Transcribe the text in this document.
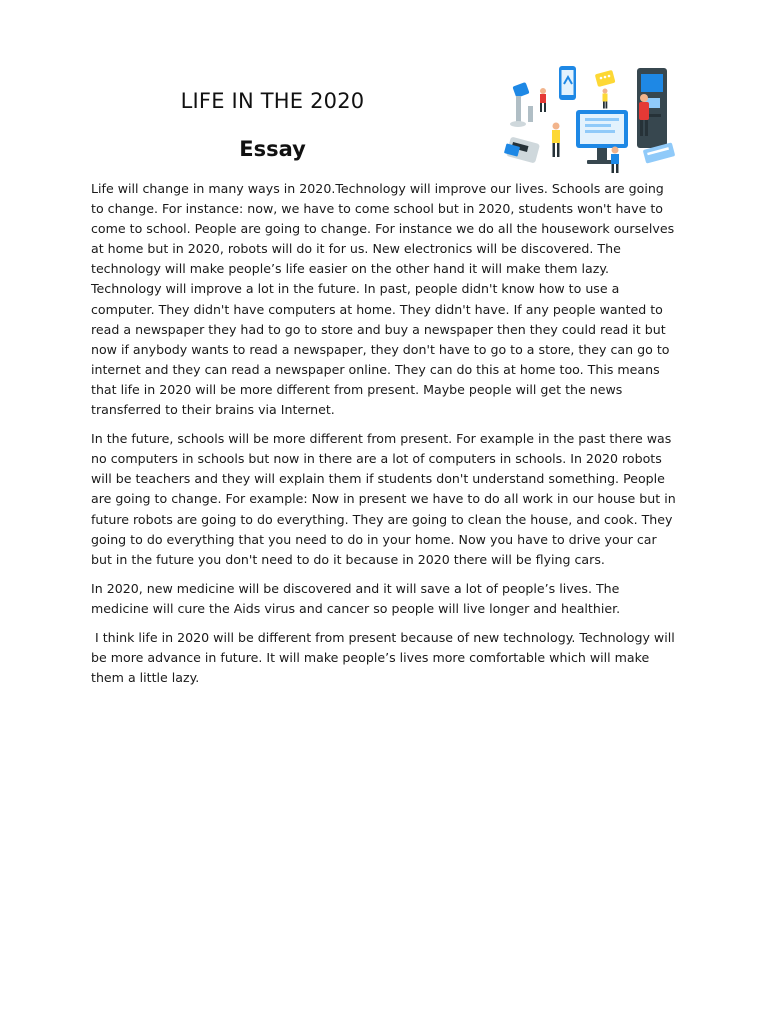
LIFE IN THE 2020
Essay

Life will change in many ways in 2020.Technology will improve our lives. Schools are going to change. For instance: now, we have to come school but in 2020, students won't have to come to school. People are going to change. For instance we do all the housework ourselves at home but in 2020, robots will do it for us. New electronics will be discovered. The technology will make people’s life easier on the other hand it will make them lazy. Technology will improve a lot in the future. In past, people didn't know how to use a computer. They didn't have computers at home. They didn't have. If any people wanted to read a newspaper they had to go to store and buy a newspaper then they could read it but now if anybody wants to read a newspaper, they don't have to go to a store, they can go to internet and they can read a newspaper online. They can do this at home too. This means that life in 2020 will be more different from present. Maybe people will get the news transferred to their brains via Internet.

In the future, schools will be more different from present. For example in the past there was no computers in schools but now in there are a lot of computers in schools. In 2020 robots will be teachers and they will explain them if students don't understand something. People are going to change. For example: Now in present we have to do all work in our house but in future robots are going to do everything. They are going to clean the house, and cook. They going to do everything that you need to do in your home. Now you have to drive your car but in the future you don't need to do it because in 2020 there will be flying cars.

In 2020, new medicine will be discovered and it will save a lot of people’s lives. The medicine will cure the Aids virus and cancer so people will live longer and healthier.

I think life in 2020 will be different from present because of new technology. Technology will be more advance in future. It will make people’s lives more comfortable which will make them a little lazy.
